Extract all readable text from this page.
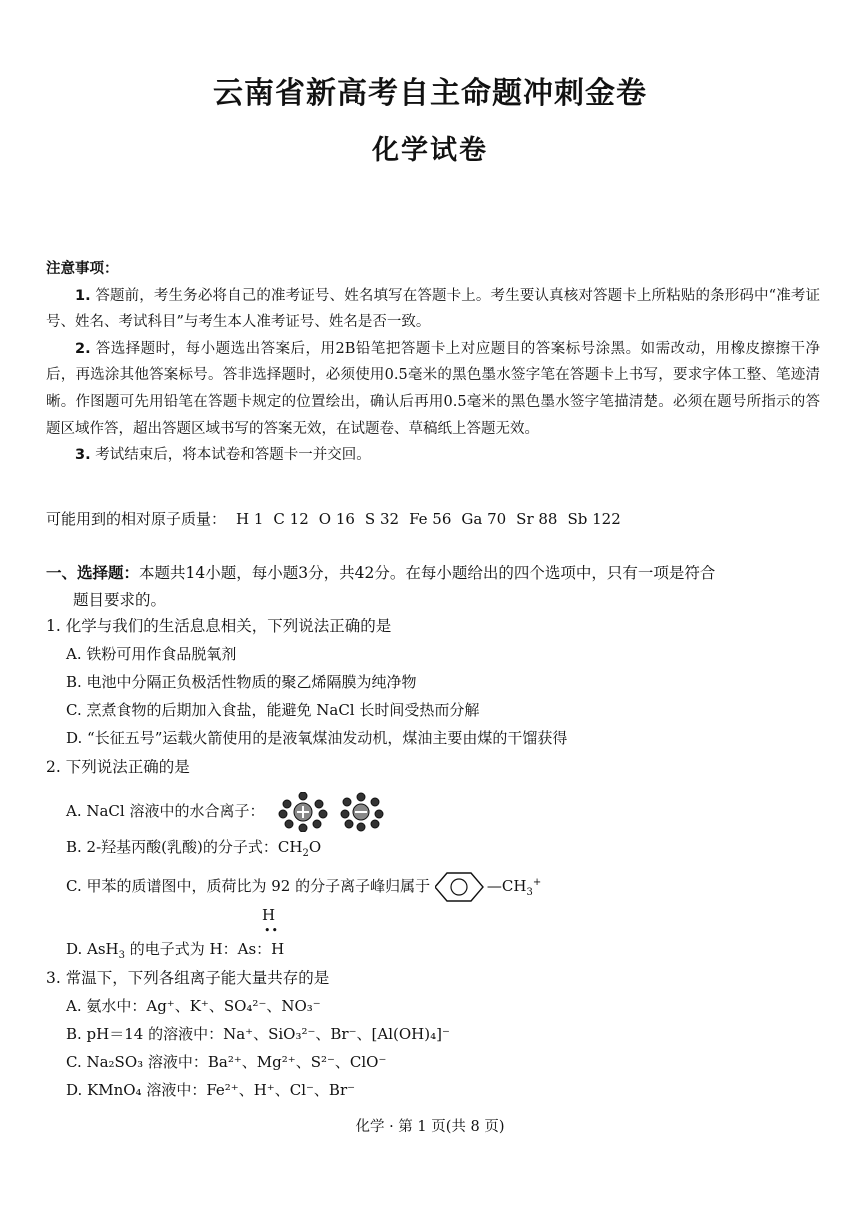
云南省新高考自主命题冲刺金卷
化学试卷
注意事项：

1. 答题前，考生务必将自己的准考证号、姓名填写在答题卡上。考生要认真核对答题卡上所粘贴的条形码中“准考证号、姓名、考试科目”与考生本人准考证号、姓名是否一致。

2. 答选择题时，每小题选出答案后，用2B铅笔把答题卡上对应题目的答案标号涂黑。如需改动，用橡皮擦擦干净后，再选涂其他答案标号。答非选择题时，必须使用0.5毫米的黑色墨水签字笔在答题卡上书写，要求字体工整、笔迹清晰。作图题可先用铅笔在答题卡规定的位置绘出，确认后再用0.5毫米的黑色墨水签字笔描清楚。必须在题号所指示的答题区域作答，超出答题区域书写的答案无效，在试题卷、草稿纸上答题无效。

3. 考试结束后，将本试卷和答题卡一并交回。

可能用到的相对原子质量： H 1 C 12 O 16 S 32 Fe 56 Ga 70 Sr 88 Sb 122
一、选择题：本题共14小题，每小题3分，共42分。在每小题给出的四个选项中，只有一项是符合
题目要求的。
1. 化学与我们的生活息息相关，下列说法正确的是
A. 铁粉可用作食品脱氧剂
B. 电池中分隔正负极活性物质的聚乙烯隔膜为纯净物
C. 烹煮食物的后期加入食盐，能避免 NaCl 长时间受热而分解
D. “长征五号”运载火箭使用的是液氧煤油发动机，煤油主要由煤的干馏获得
2. 下列说法正确的是
A. NaCl 溶液中的水合离子：
B. 2-羟基丙酸(乳酸)的分子式：$CH_2O$
C. 甲苯的质谱图中，质荷比为 92 的分子离子峰归属于	$—CH_3^+$
H
••
D. AsH$_3$ 的电子式为 H：As：H
3. 常温下，下列各组离子能大量共存的是
A. 氨水中：Ag⁺、K⁺、SO₄²⁻、NO₃⁻
B. pH＝14 的溶液中：Na⁺、SiO₃²⁻、Br⁻、[Al(OH)₄]⁻
C. Na₂SO₃ 溶液中：Ba²⁺、Mg²⁺、S²⁻、ClO⁻
D. KMnO₄ 溶液中：Fe²⁺、H⁺、Cl⁻、Br⁻
化学 · 第 1 页(共 8 页)
